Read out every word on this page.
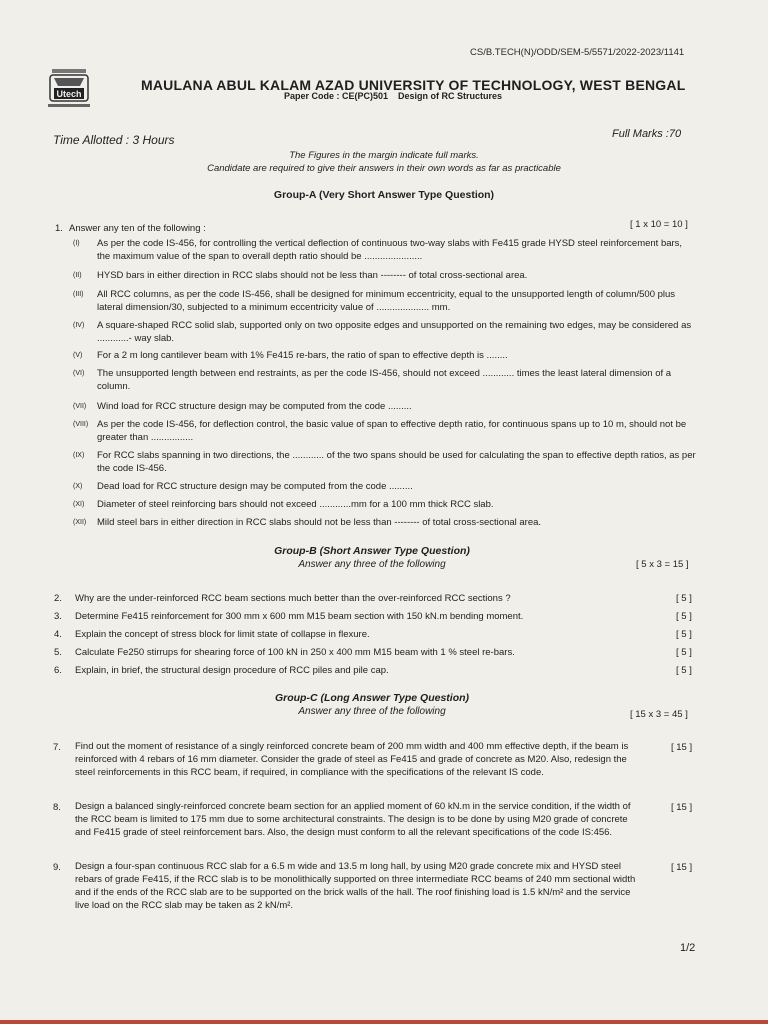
CS/B.TECH(N)/ODD/SEM-5/5571/2022-2023/1141
Utech
MAULANA ABUL KALAM AZAD UNIVERSITY OF TECHNOLOGY, WEST BENGAL
Paper Code : CE(PC)501 Design of RC Structures
Time Allotted : 3 Hours	Full Marks :70
The Figures in the margin indicate full marks.
Candidate are required to give their answers in their own words as far as practicable
Group-A (Very Short Answer Type Question)
1. Answer any ten of the following :	[ 1 x 10 = 10 ]
(I) As per the code IS-456, for controlling the vertical deflection of continuous two-way slabs with Fe415 grade HYSD steel reinforcement bars, the maximum value of the span to overall depth ratio should be ......................
(II) HYSD bars in either direction in RCC slabs should not be less than -------- of total cross-sectional area.
(III) All RCC columns, as per the code IS-456, shall be designed for minimum eccentricity, equal to the unsupported length of column/500 plus lateral dimension/30, subjected to a minimum eccentricity value of .................... mm.
(IV) A square-shaped RCC solid slab, supported only on two opposite edges and unsupported on the remaining two edges, may be considered as ............- way slab.
(V) For a 2 m long cantilever beam with 1% Fe415 re-bars, the ratio of span to effective depth is ........
(VI) The unsupported length between end restraints, as per the code IS-456, should not exceed ............ times the least lateral dimension of a column.
(VII) Wind load for RCC structure design may be computed from the code .........
(VIII) As per the code IS-456, for deflection control, the basic value of span to effective depth ratio, for continuous spans up to 10 m, should not be greater than ................
(IX) For RCC slabs spanning in two directions, the ............ of the two spans should be used for calculating the span to effective depth ratios, as per the code IS-456.
(X) Dead load for RCC structure design may be computed from the code .........
(XI) Diameter of steel reinforcing bars should not exceed ............mm for a 100 mm thick RCC slab.
(XII) Mild steel bars in either direction in RCC slabs should not be less than -------- of total cross-sectional area.
Group-B (Short Answer Type Question)
Answer any three of the following	[ 5 x 3 = 15 ]
2. Why are the under-reinforced RCC beam sections much better than the over-reinforced RCC sections ?	[ 5 ]
3. Determine Fe415 reinforcement for 300 mm x 600 mm M15 beam section with 150 kN.m bending moment.	[ 5 ]
4. Explain the concept of stress block for limit state of collapse in flexure.	[ 5 ]
5. Calculate Fe250 stirrups for shearing force of 100 kN in 250 x 400 mm M15 beam with 1 % steel re-bars.	[ 5 ]
6. Explain, in brief, the structural design procedure of RCC piles and pile cap.	[ 5 ]
Group-C (Long Answer Type Question)
Answer any three of the following	[ 15 x 3 = 45 ]
7. Find out the moment of resistance of a singly reinforced concrete beam of 200 mm width and 400 mm effective depth, if the beam is reinforced with 4 rebars of 16 mm diameter. Consider the grade of steel as Fe415 and grade of concrete as M20. Also, redesign the steel reinforcements in this RCC beam, if required, in compliance with the specifications of the relevant IS code.
[ 15 ]
8. Design a balanced singly-reinforced concrete beam section for an applied moment of 60 kN.m in the service condition, if the width of the RCC beam is limited to 175 mm due to some architectural constraints. The design is to be done by using M20 grade of concrete and Fe415 grade of steel reinforcement bars. Also, the design must conform to all the relevant specifications of the code IS:456.
[ 15 ]
9. Design a four-span continuous RCC slab for a 6.5 m wide and 13.5 m long hall, by using M20 grade concrete mix and HYSD steel rebars of grade Fe415, if the RCC slab is to be monolithically supported on three intermediate RCC beams of 240 mm sectional width and if the ends of the RCC slab are to be supported on the brick walls of the hall. The roof finishing load is 1.5 kN/m² and the service live load on the RCC slab may be taken as 2 kN/m².
[ 15 ]
1/2
